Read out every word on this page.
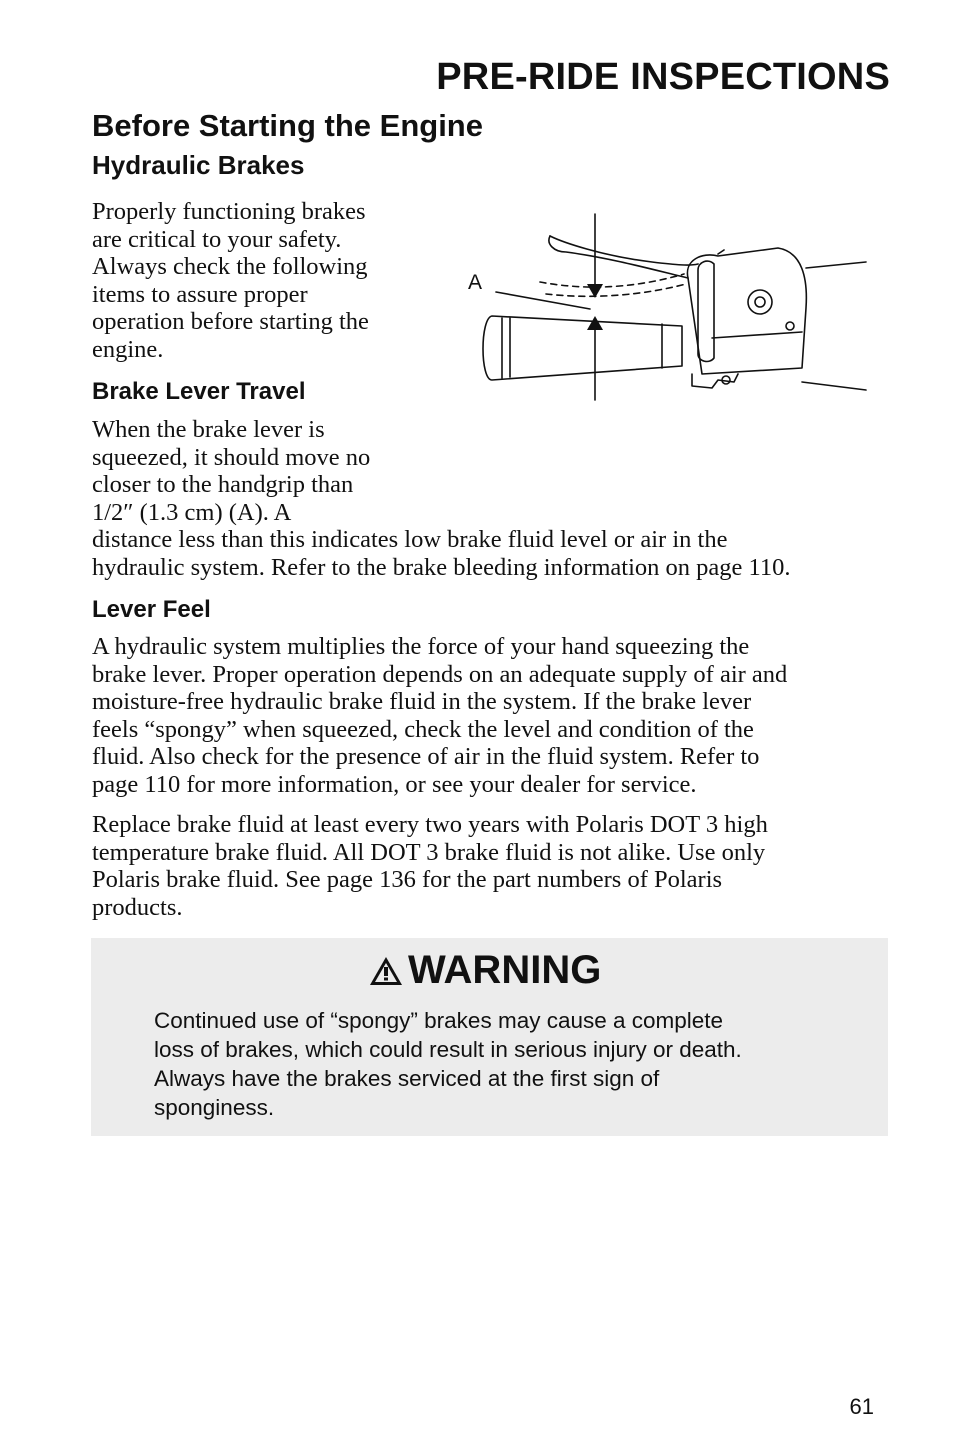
PRE-RIDE INSPECTIONS
Before Starting the Engine
Hydraulic Brakes
Properly functioning brakes
are critical to your safety.
Always check the following
items to assure proper
operation before starting the
engine.
A
Brake Lever Travel
When the brake lever is
squeezed, it should move no
closer to the handgrip than
1/2″ (1.3 cm) (A). A
distance less than this indicates low brake fluid level or air in the
hydraulic system. Refer to the brake bleeding information on page 110.
Lever Feel
A hydraulic system multiplies the force of your hand squeezing the
brake lever. Proper operation depends on an adequate supply of air and
moisture-free hydraulic brake fluid in the system. If the brake lever
feels “spongy” when squeezed, check the level and condition of the
fluid. Also check for the presence of air in the fluid system. Refer to
page 110 for more information, or see your dealer for service.
Replace brake fluid at least every two years with Polaris DOT 3 high
temperature brake fluid. All DOT 3 brake fluid is not alike. Use only
Polaris brake fluid. See page 136 for the part numbers of Polaris
products.
WARNING
Continued use of “spongy” brakes may cause a complete
loss of brakes, which could result in serious injury or death.
Always have the brakes serviced at the first sign of
sponginess.
61
